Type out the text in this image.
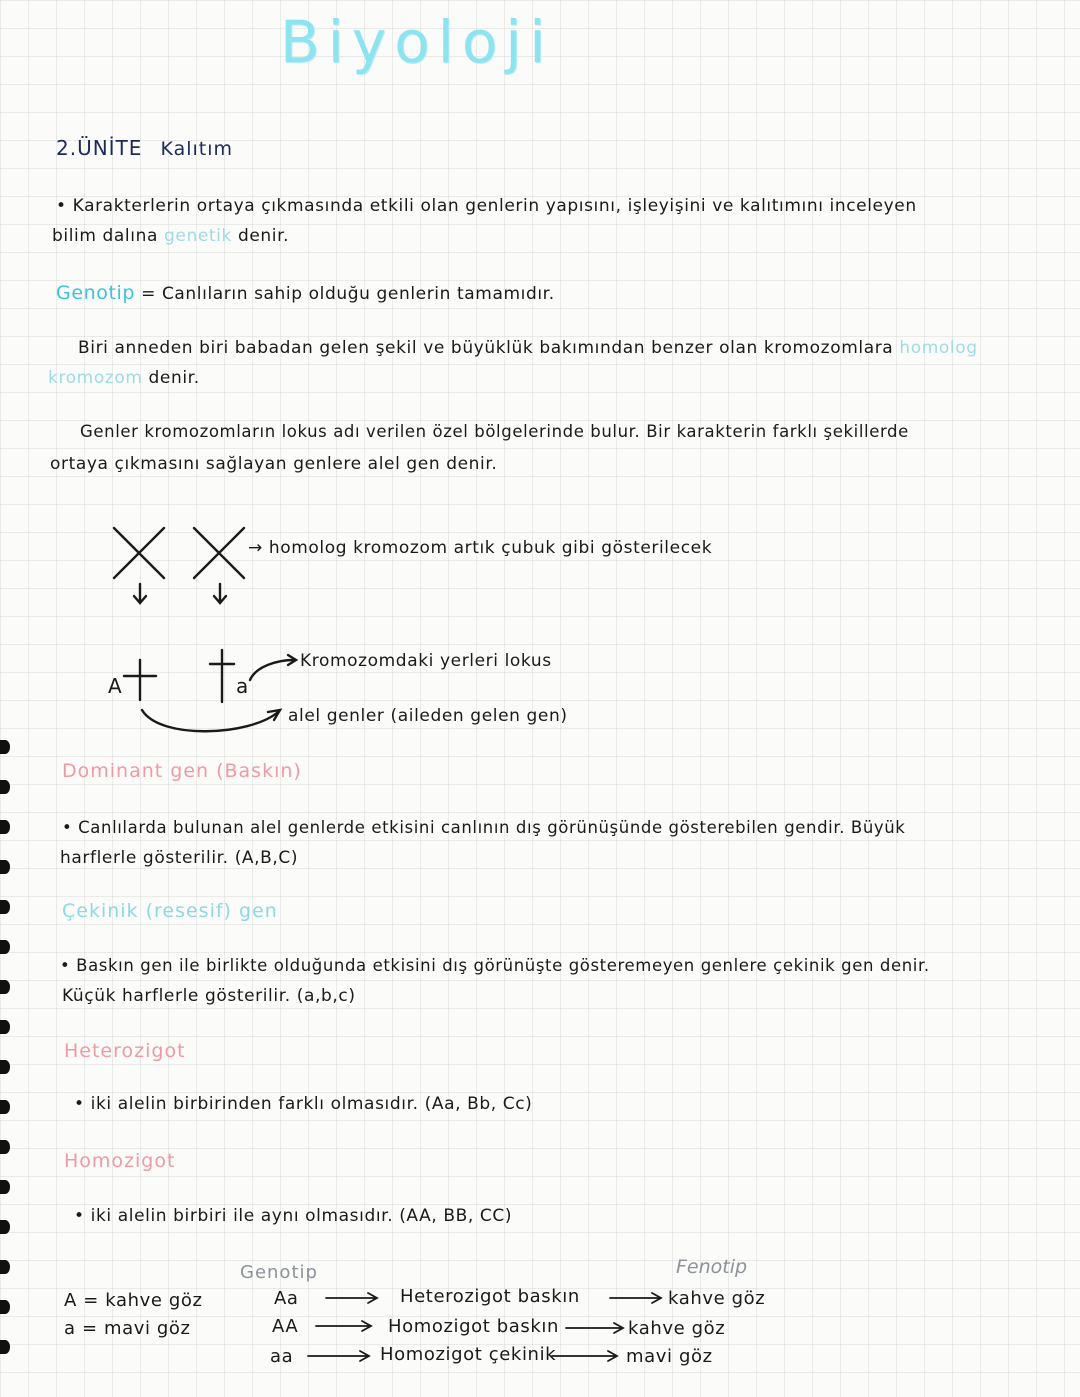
Biyoloji
2.ÜNİTE Kalıtım
• Karakterlerin ortaya çıkmasında etkili olan genlerin yapısını, işleyişini ve kalıtımını inceleyen
bilim dalına genetik denir.
Genotip = Canlıların sahip olduğu genlerin tamamıdır.
Biri anneden biri babadan gelen şekil ve büyüklük bakımından benzer olan kromozomlara homolog
kromozom denir.
Genler kromozomların lokus adı verilen özel bölgelerinde bulur. Bir karakterin farklı şekillerde
ortaya çıkmasını sağlayan genlere alel gen denir.
→ homolog kromozom artık çubuk gibi gösterilecek
A	a
Kromozomdaki yerleri lokus
alel genler (aileden gelen gen)
Dominant gen (Baskın)
• Canlılarda bulunan alel genlerde etkisini canlının dış görünüşünde gösterebilen gendir. Büyük
harflerle gösterilir. (A,B,C)
Çekinik (resesif) gen
• Baskın gen ile birlikte olduğunda etkisini dış görünüşte gösteremeyen genlere çekinik gen denir.
Küçük harflerle gösterilir. (a,b,c)
Heterozigot
• iki alelin birbirinden farklı olmasıdır. (Aa, Bb, Cc)
Homozigot
• iki alelin birbiri ile aynı olmasıdır. (AA, BB, CC)
Genotip	Fenotip
A = kahve göz
a = mavi göz
Aa	Heterozigot baskın	kahve göz
AA	Homozigot baskın	kahve göz
aa	Homozigot çekinik	mavi göz
